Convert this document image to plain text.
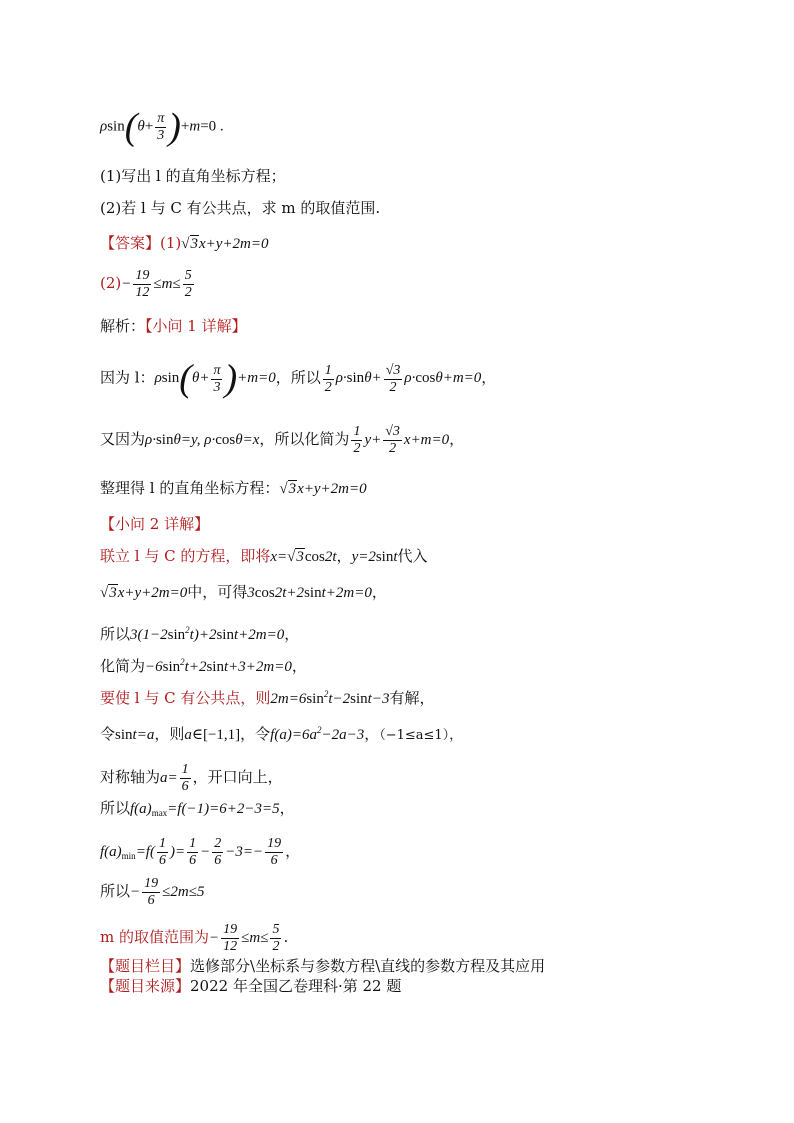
$\rho\sin(\theta+ \frac{\pi}{3} )+m=0$ .
(1)写出 l 的直角坐标方程；
(2)若 l 与 C 有公共点，求 m 的取值范围.
【答案】(1)√3x+y+2m=0
$(2)- \frac{19}{12} \le m\le \frac{5}{2}$
解析：【小问 1 详解】
因为 l：$\rho\sin(\theta+ \frac{\pi}{3} )+m=0$，所以 $\frac{1}{2} \rho\cdot\sin\theta+ \frac{√3}{2} \rho\cdot\cos\theta+m=0$，
又因为ρ·sinθ=y, ρ·cosθ=x，所以化简为 $\frac{1}{2} y+ \frac{√3}{2} x+m=0$，
整理得 l 的直角坐标方程：√3x+y+2m=0
【小问 2 详解】
联立 l 与 C 的方程，即将x=√3cos2t，y=2sint代入
√3x+y+2m=0中，可得3cos2t+2sint+2m=0，
所以$3(1-2\sin^2t)+2\sin t+2m=0$，
化简为$-6\sin^2t+2\sin t+3+2m=0$，
要使 l 与 C 有公共点，则$2m=6\sin^2t-2\sin t-3$有解，
令sint=a，则a∈[−1,1]，令$f(a)=6a^2-2a-3$，（−1≤a≤1），
对称轴为$a= \frac{1}{6}$ ，开口向上，
所以$f(a)_{max}=f(-1)=6+2-3=5$，
$f(a)_{min}=f( \frac{1}{6}$ )= $\frac{1}{6} - \frac{2}{6} -3=- \frac{19}{6}$ ，
所以− $\frac{19}{6} \le 2m\le 5$
m 的取值范围为− $\frac{19}{12} \le m\le \frac{5}{2}$ .
【题目栏目】选修部分\坐标系与参数方程\直线的参数方程及其应用
【题目来源】2022 年全国乙卷理科·第 22 题
